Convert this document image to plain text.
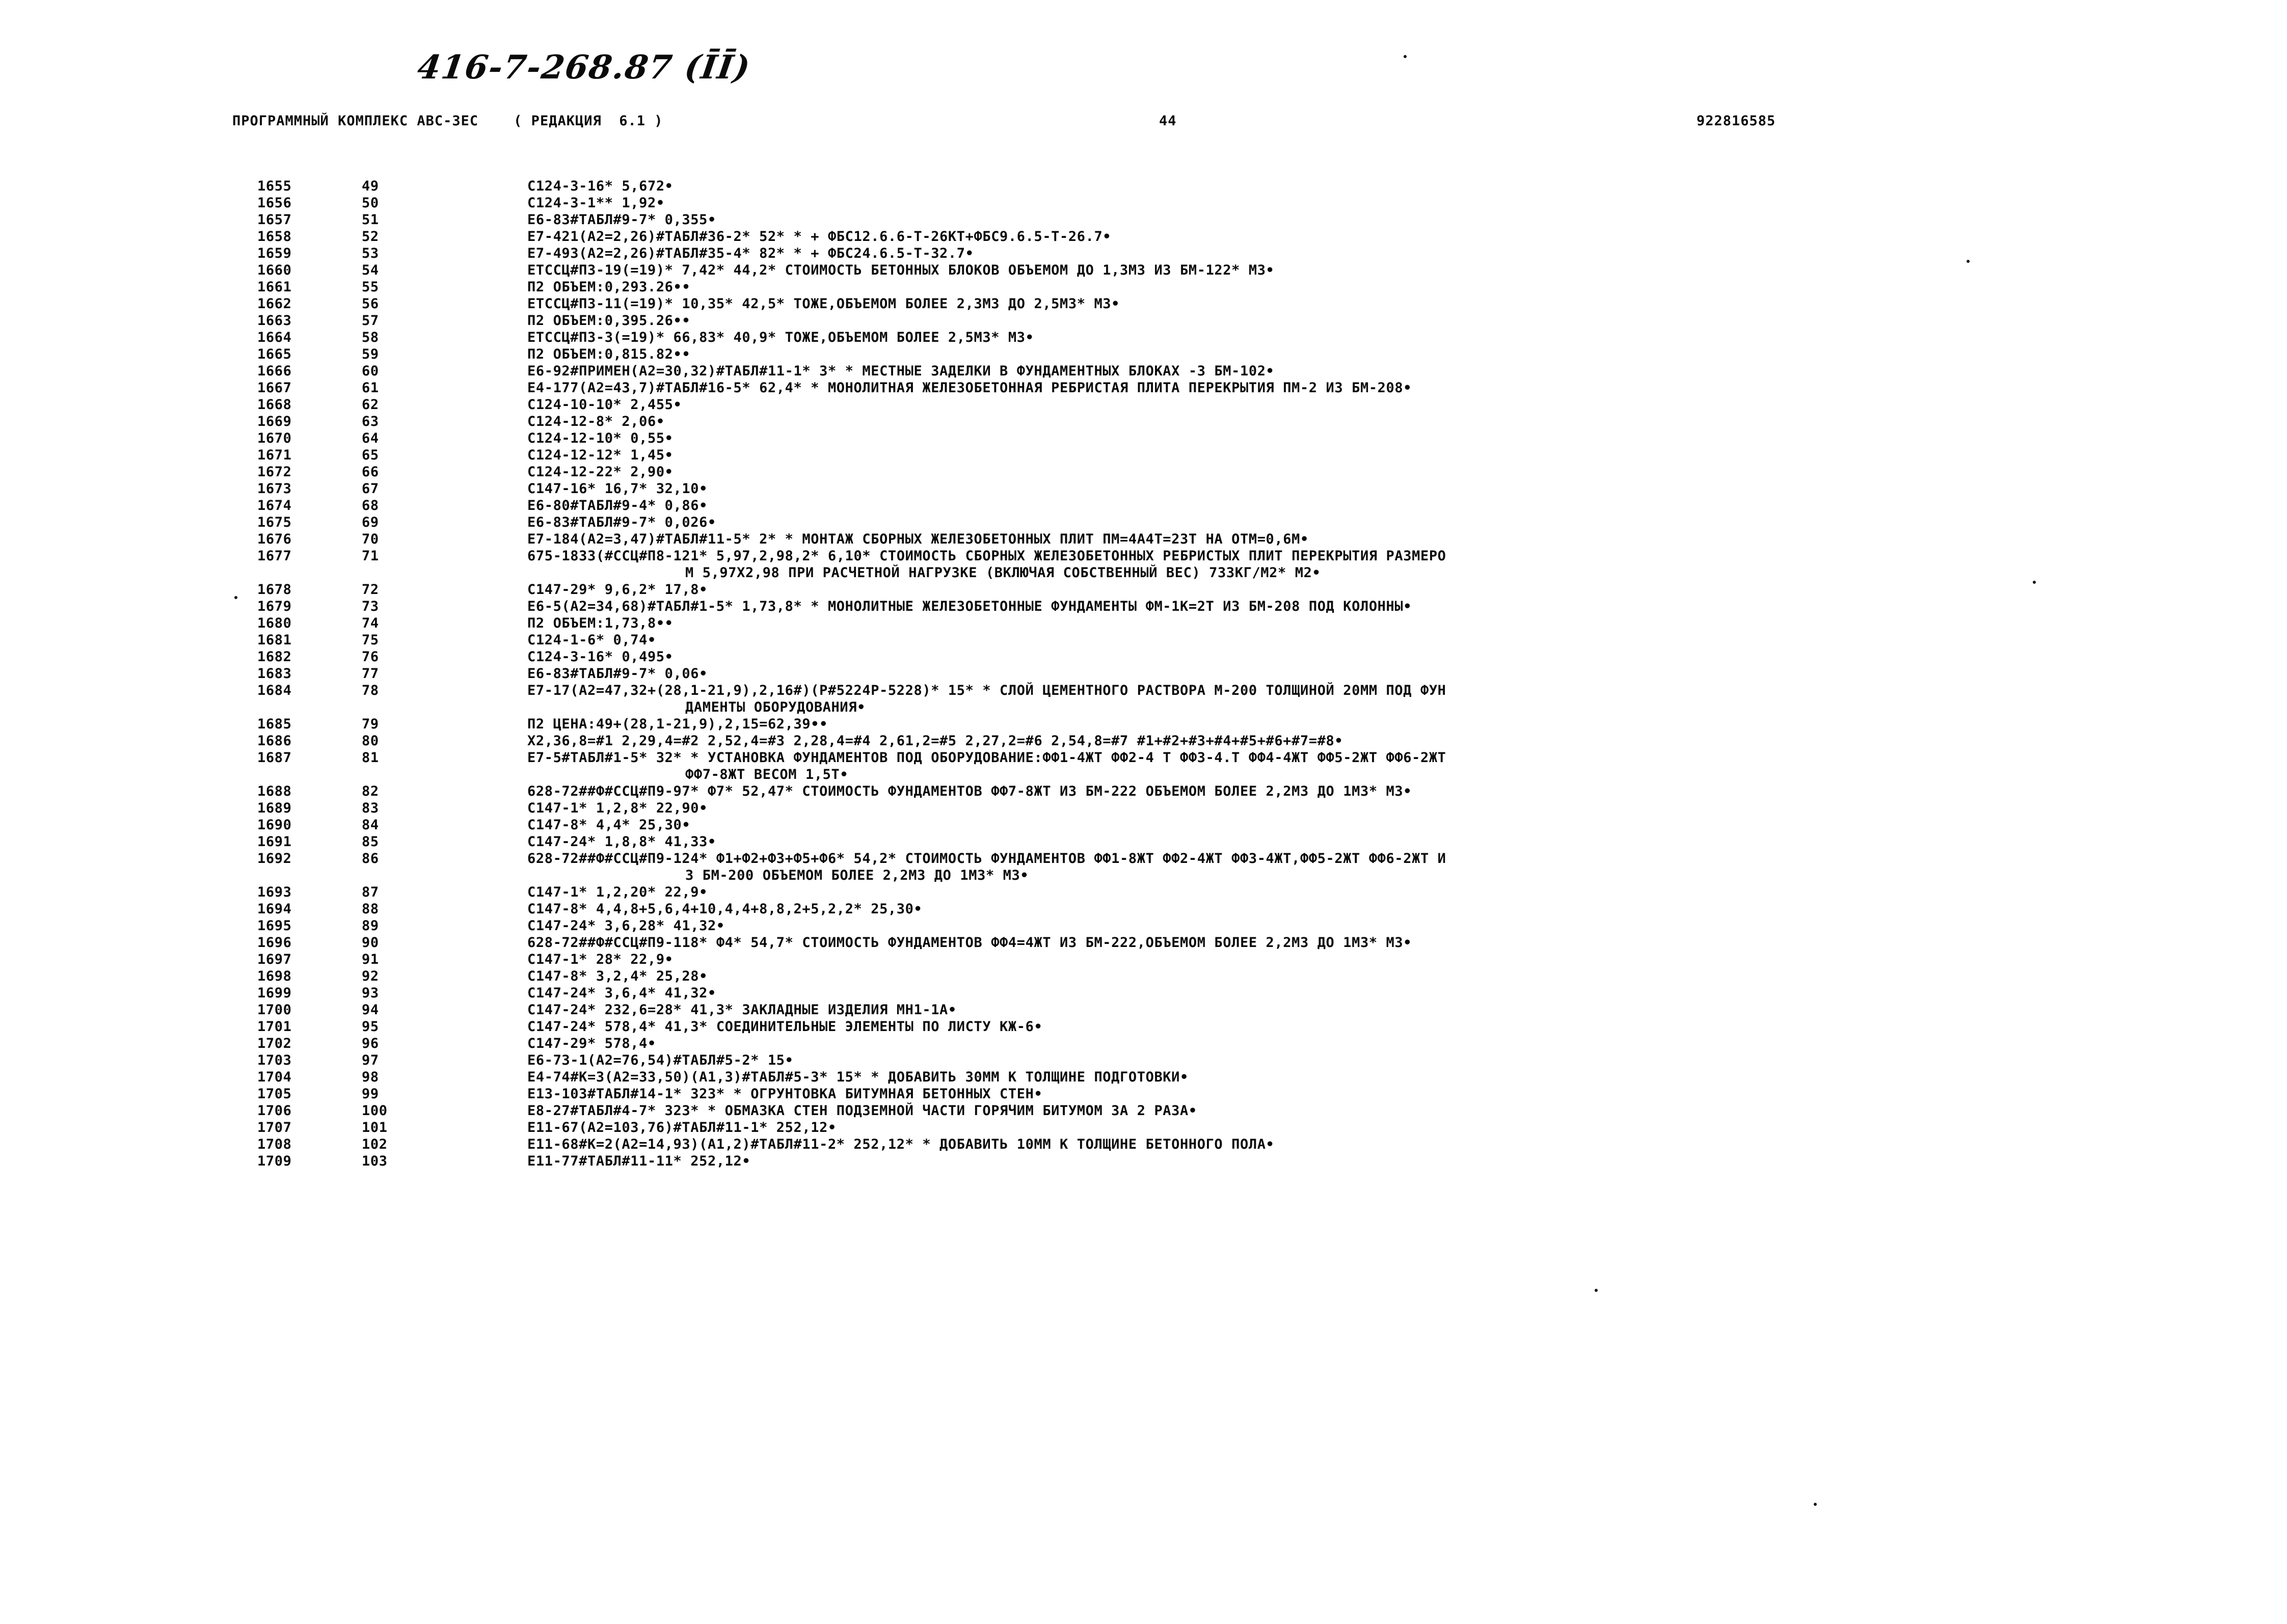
416-7-268.87 (ĪĪ)
ПРОГРАММНЫЙ КОМПЛЕКС АВС-ЗЕС    ( РЕДАКЦИЯ  6.1 )	44	922816585
1655	49	С124-3-16* 5,672•
1656	50	С124-3-1** 1,92•
1657	51	Е6-83#ТАБЛ#9-7* 0,355•
1658	52	Е7-421(А2=2,26)#ТАБЛ#36-2* 52* * + ФБС12.6.6-Т-26КТ+ФБС9.6.5-Т-26.7•
1659	53	Е7-493(А2=2,26)#ТАБЛ#35-4* 82* * + ФБС24.6.5-Т-32.7•
1660	54	ЕТССЦ#ПЗ-19(=19)* 7,42* 44,2* СТОИМОСТЬ БЕТОННЫХ БЛОКОВ ОБЪЕМОМ ДО 1,3М3 ИЗ БМ-122* М3•
1661	55	П2 ОБЪЕМ:0,293.26••
1662	56	ЕТССЦ#ПЗ-11(=19)* 10,35* 42,5* ТОЖЕ,ОБЪЕМОМ БОЛЕЕ 2,3М3 ДО 2,5М3* М3•
1663	57	П2 ОБЪЕМ:0,395.26••
1664	58	ЕТССЦ#ПЗ-3(=19)* 66,83* 40,9* ТОЖЕ,ОБЪЕМОМ БОЛЕЕ 2,5М3* М3•
1665	59	П2 ОБЪЕМ:0,815.82••
1666	60	Е6-92#ПРИМЕН(А2=30,32)#ТАБЛ#11-1* 3* * МЕСТНЫЕ ЗАДЕЛКИ В ФУНДАМЕНТНЫХ БЛОКАХ -3 БМ-102•
1667	61	Е4-177(А2=43,7)#ТАБЛ#16-5* 62,4* * МОНОЛИТНАЯ ЖЕЛЕЗОБЕТОННАЯ РЕБРИСТАЯ ПЛИТА ПЕРЕКРЫТИЯ ПМ-2 ИЗ БМ-208•
1668	62	С124-10-10* 2,455•
1669	63	С124-12-8* 2,06•
1670	64	С124-12-10* 0,55•
1671	65	С124-12-12* 1,45•
1672	66	С124-12-22* 2,90•
1673	67	С147-16* 16,7* 32,10•
1674	68	Е6-80#ТАБЛ#9-4* 0,86•
1675	69	Е6-83#ТАБЛ#9-7* 0,026•
1676	70	Е7-184(А2=3,47)#ТАБЛ#11-5* 2* * МОНТАЖ СБОРНЫХ ЖЕЛЕЗОБЕТОННЫХ ПЛИТ ПМ=4А4Т=2ЗТ НА ОТМ=0,6М•
1677	71	675-1833(#ССЦ#П8-121* 5,97,2,98,2* 6,10* СТОИМОСТЬ СБОРНЫХ ЖЕЛЕЗОБЕТОННЫХ РЕБРИСТЫХ ПЛИТ ПЕРЕКРЫТИЯ РАЗМЕРО
М 5,97Х2,98 ПРИ РАСЧЕТНОЙ НАГРУЗКЕ (ВКЛЮЧАЯ СОБСТВЕННЫЙ ВЕС) 733КГ/М2* М2•
1678	72	С147-29* 9,6,2* 17,8•
1679	73	Е6-5(А2=34,68)#ТАБЛ#1-5* 1,73,8* * МОНОЛИТНЫЕ ЖЕЛЕЗОБЕТОННЫЕ ФУНДАМЕНТЫ ФМ-1К=2Т ИЗ БМ-208 ПОД КОЛОННЫ•
1680	74	П2 ОБЪЕМ:1,73,8••
1681	75	С124-1-6* 0,74•
1682	76	С124-3-16* 0,495•
1683	77	Е6-83#ТАБЛ#9-7* 0,06•
1684	78	Е7-17(А2=47,32+(28,1-21,9),2,16#)(Р#5224Р-5228)* 15* * СЛОЙ ЦЕМЕНТНОГО РАСТВОРА М-200 ТОЛЩИНОЙ 20ММ ПОД ФУН
ДАМЕНТЫ ОБОРУДОВАНИЯ•
1685	79	П2 ЦЕНА:49+(28,1-21,9),2,15=62,39••
1686	80	Х2,36,8=#1 2,29,4=#2 2,52,4=#3 2,28,4=#4 2,61,2=#5 2,27,2=#6 2,54,8=#7 #1+#2+#3+#4+#5+#6+#7=#8•
1687	81	Е7-5#ТАБЛ#1-5* 32* * УСТАНОВКА ФУНДАМЕНТОВ ПОД ОБОРУДОВАНИЕ:ФФ1-4ЖТ ФФ2-4 Т ФФ3-4.Т ФФ4-4ЖТ ФФ5-2ЖТ ФФ6-2ЖТ
ФФ7-8ЖТ ВЕСОМ 1,5Т•
1688	82	628-72##Ф#ССЦ#П9-97* Ф7* 52,47* СТОИМОСТЬ ФУНДАМЕНТОВ ФФ7-8ЖТ ИЗ БМ-222 ОБЪЕМОМ БОЛЕЕ 2,2М3 ДО 1М3* М3•
1689	83	С147-1* 1,2,8* 22,90•
1690	84	С147-8* 4,4* 25,30•
1691	85	С147-24* 1,8,8* 41,33•
1692	86	628-72##Ф#ССЦ#П9-124* Ф1+Ф2+Ф3+Ф5+Ф6* 54,2* СТОИМОСТЬ ФУНДАМЕНТОВ ФФ1-8ЖТ ФФ2-4ЖТ ФФ3-4ЖТ,ФФ5-2ЖТ ФФ6-2ЖТ И
З БМ-200 ОБЪЕМОМ БОЛЕЕ 2,2М3 ДО 1М3* М3•
1693	87	С147-1* 1,2,20* 22,9•
1694	88	С147-8* 4,4,8+5,6,4+10,4,4+8,8,2+5,2,2* 25,30•
1695	89	С147-24* 3,6,28* 41,32•
1696	90	628-72##Ф#ССЦ#П9-118* Ф4* 54,7* СТОИМОСТЬ ФУНДАМЕНТОВ ФФ4=4ЖТ ИЗ БМ-222,ОБЪЕМОМ БОЛЕЕ 2,2М3 ДО 1М3* М3•
1697	91	С147-1* 28* 22,9•
1698	92	С147-8* 3,2,4* 25,28•
1699	93	С147-24* 3,6,4* 41,32•
1700	94	С147-24* 232,6=28* 41,3* ЗАКЛАДНЫЕ ИЗДЕЛИЯ МН1-1А•
1701	95	С147-24* 578,4* 41,3* СОЕДИНИТЕЛЬНЫЕ ЭЛЕМЕНТЫ ПО ЛИСТУ КЖ-6•
1702	96	С147-29* 578,4•
1703	97	Е6-73-1(А2=76,54)#ТАБЛ#5-2* 15•
1704	98	Е4-74#К=3(А2=33,50)(А1,3)#ТАБЛ#5-3* 15* * ДОБАВИТЬ 30ММ К ТОЛЩИНЕ ПОДГОТОВКИ•
1705	99	Е13-103#ТАБЛ#14-1* 323* * ОГРУНТОВКА БИТУМНАЯ БЕТОННЫХ СТЕН•
1706	100	Е8-27#ТАБЛ#4-7* 323* * ОБМАЗКА СТЕН ПОДЗЕМНОЙ ЧАСТИ ГОРЯЧИМ БИТУМОМ ЗА 2 РАЗА•
1707	101	Е11-67(А2=103,76)#ТАБЛ#11-1* 252,12•
1708	102	Е11-68#К=2(А2=14,93)(А1,2)#ТАБЛ#11-2* 252,12* * ДОБАВИТЬ 10ММ К ТОЛЩИНЕ БЕТОННОГО ПОЛА•
1709	103	Е11-77#ТАБЛ#11-11* 252,12•
